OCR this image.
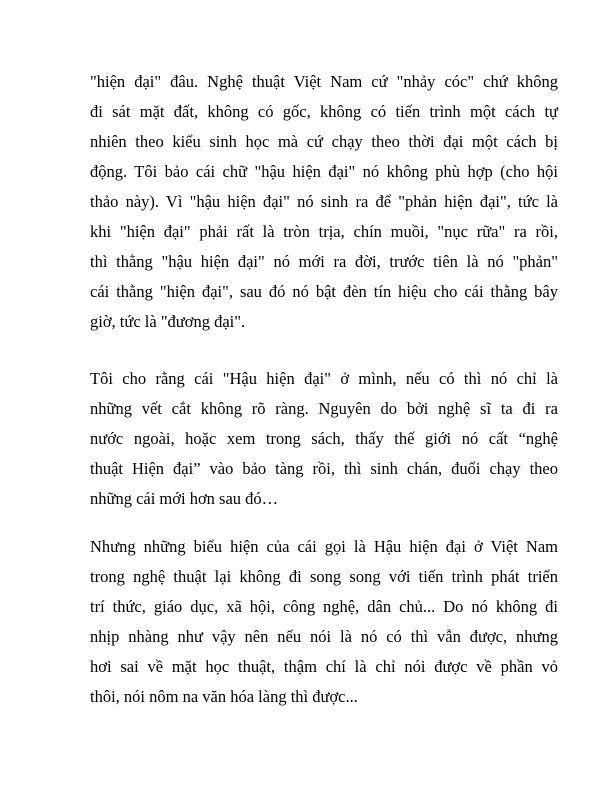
"hiện đại" đâu. Nghệ thuật Việt Nam cứ "nhảy cóc" chứ không

đi sát mặt đất, không có gốc, không có tiến trình một cách tự

nhiên theo kiểu sinh học mà cứ chạy theo thời đại một cách bị

động. Tôi bảo cái chữ "hậu hiện đại" nó không phù hợp (cho hội

thảo này). Vì "hậu hiện đại" nó sinh ra để "phản hiện đại", tức là

khi "hiện đại" phải rất là tròn trịa, chín muồi, "nục rữa" ra rồi,

thì thằng "hậu hiện đại" nó mới ra đời, trước tiên là nó "phản"

cái thằng "hiện đại", sau đó nó bật đèn tín hiệu cho cái thằng bây

giờ, tức là "đương đại".

Tôi cho rằng cái "Hậu hiện đại" ở mình, nếu có thì nó chỉ là

những vết cắt không rõ ràng. Nguyên do bởi nghệ sĩ ta đi ra

nước ngoài, hoặc xem trong sách, thấy thế giới nó cất “nghệ

thuật Hiện đại” vào bảo tàng rồi, thì sinh chán, đuổi chạy theo

những cái mới hơn sau đó…

Nhưng những biểu hiện của cái gọi là Hậu hiện đại ở Việt Nam

trong nghệ thuật lại không đi song song với tiến trình phát triển

trí thức, giáo dục, xã hội, công nghệ, dân chủ... Do nó không đi

nhịp nhàng như vậy nên nếu nói là nó có thì vẫn được, nhưng

hơi sai về mặt học thuật, thậm chí là chỉ nói được về phần vỏ

thôi, nói nôm na văn hóa làng thì được...
